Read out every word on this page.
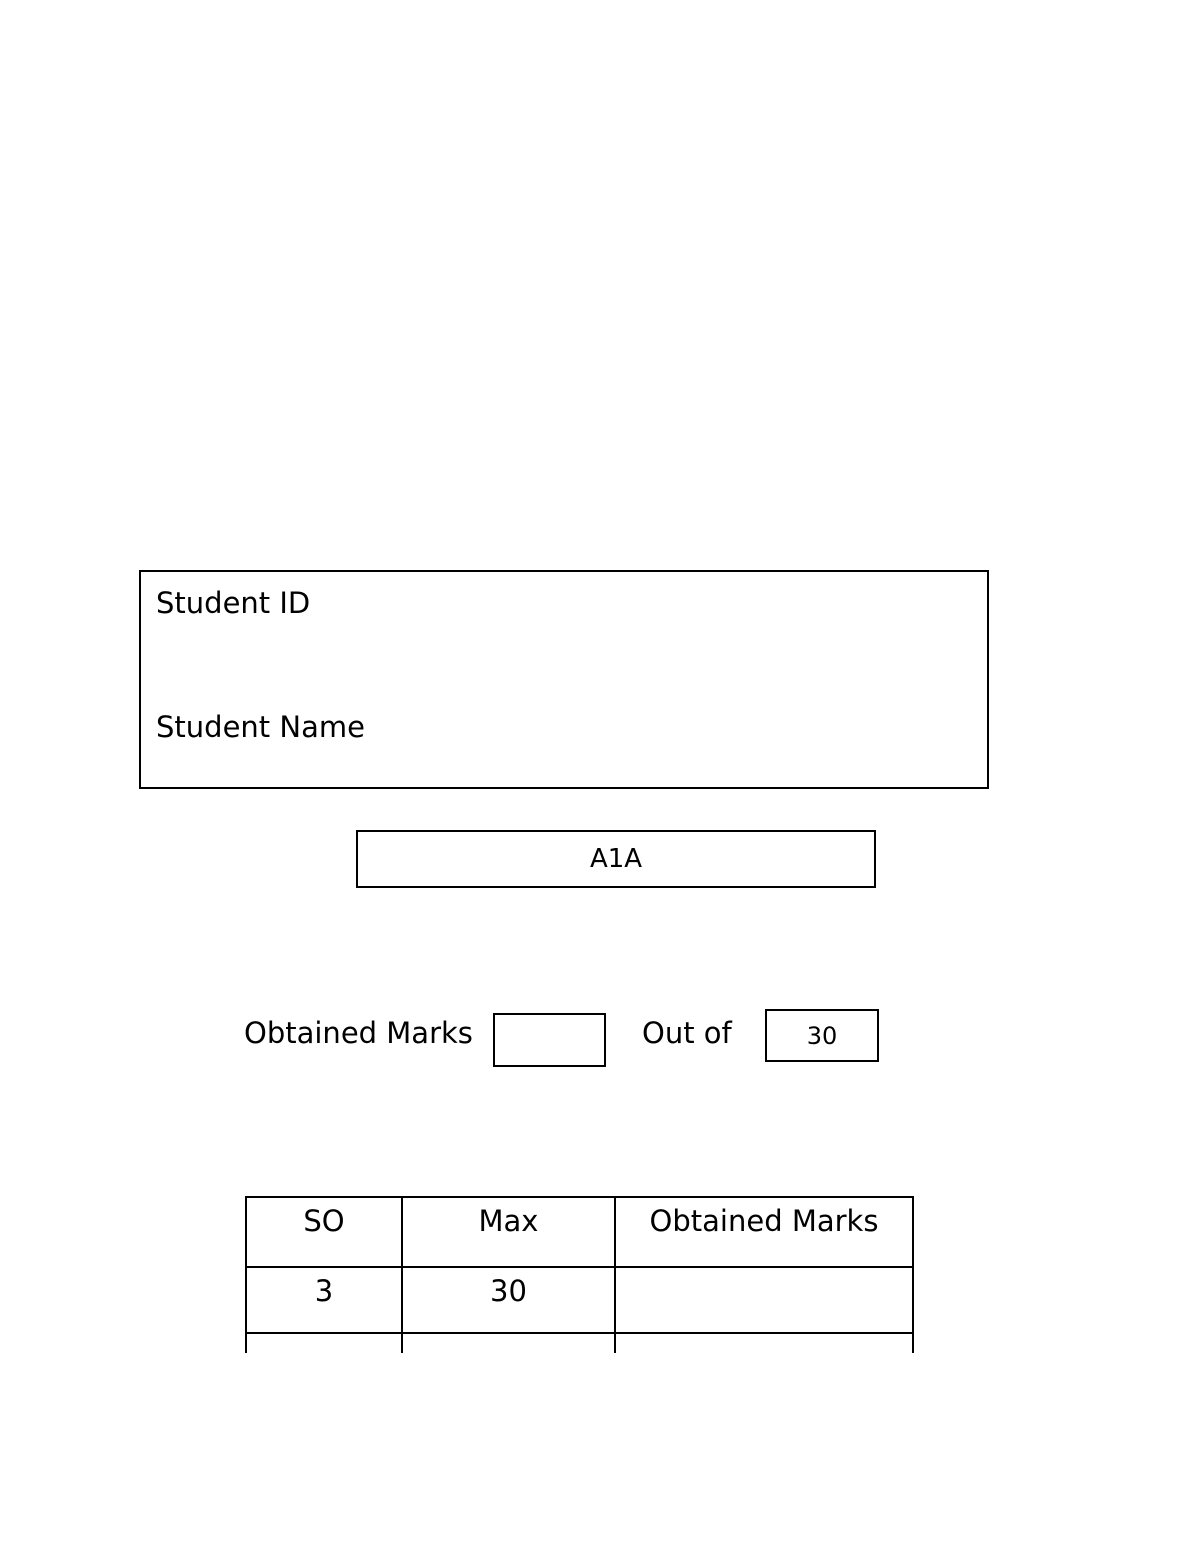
Student ID
Student Name
A1A
Obtained Marks	Out of	30
SO	Max	Obtained Marks
3	30	
